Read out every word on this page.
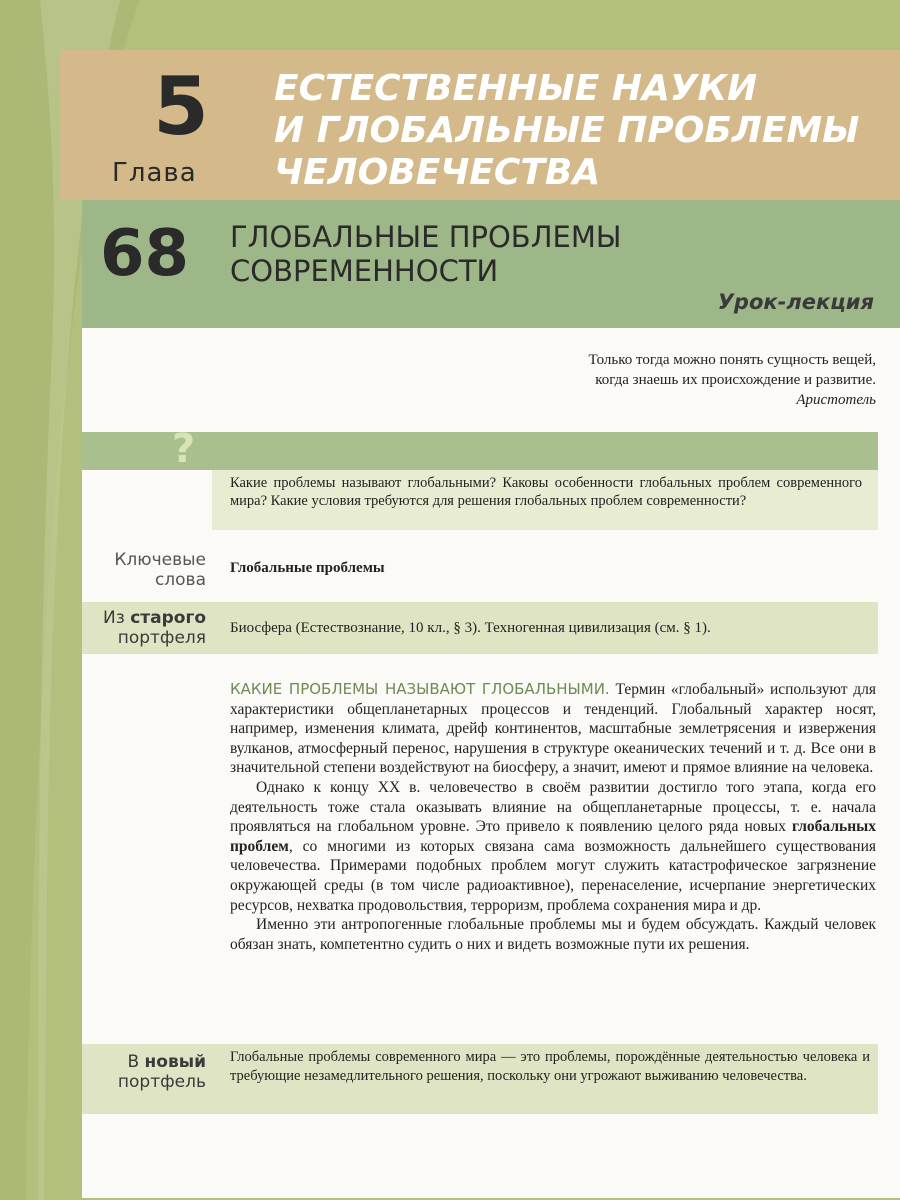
5
Глава
ЕСТЕСТВЕННЫЕ НАУКИ
И ГЛОБАЛЬНЫЕ ПРОБЛЕМЫ
ЧЕЛОВЕЧЕСТВА
68 ГЛОБАЛЬНЫЕ ПРОБЛЕМЫ
СОВРЕМЕННОСТИ
Урок-лекция
Только тогда можно понять сущность вещей,
когда знаешь их происхождение и развитие.
Аристотель
?
Какие проблемы называют глобальными? Каковы особенности глобальных проблем современного мира? Какие условия требуются для решения глобальных проблем современности?
Ключевые
слова
Глобальные проблемы
Из старого
портфеля Биосфера (Естествознание, 10 кл., § 3). Техногенная цивилизация (см. § 1).

КАКИЕ ПРОБЛЕМЫ НАЗЫВАЮТ ГЛОБАЛЬНЫМИ. Термин «глобальный» используют для характеристики общепланетарных процессов и тенденций. Глобальный характер носят, например, изменения климата, дрейф континентов, масштабные землетрясения и извержения вулканов, атмосферный перенос, нарушения в структуре океанических течений и т. д. Все они в значительной степени воздействуют на биосферу, а значит, имеют и прямое влияние на человека.

Однако к концу XX в. человечество в своём развитии достигло того этапа, когда его деятельность тоже стала оказывать влияние на общепланетарные процессы, т. е. начала проявляться на глобальном уровне. Это привело к появлению целого ряда новых глобальных проблем, со многими из которых связана сама возможность дальнейшего существования человечества. Примерами подобных проблем могут служить катастрофическое загрязнение окружающей среды (в том числе радиоактивное), перенаселение, исчерпание энергетических ресурсов, нехватка продовольствия, терроризм, проблема сохранения мира и др.

Именно эти антропогенные глобальные проблемы мы и будем обсуждать. Каждый человек обязан знать, компетентно судить о них и видеть возможные пути их решения.

В новый
портфель
Глобальные проблемы современного мира — это проблемы, порождённые деятельностью человека и требующие незамедлительного решения, поскольку они угрожают выживанию человечества.
